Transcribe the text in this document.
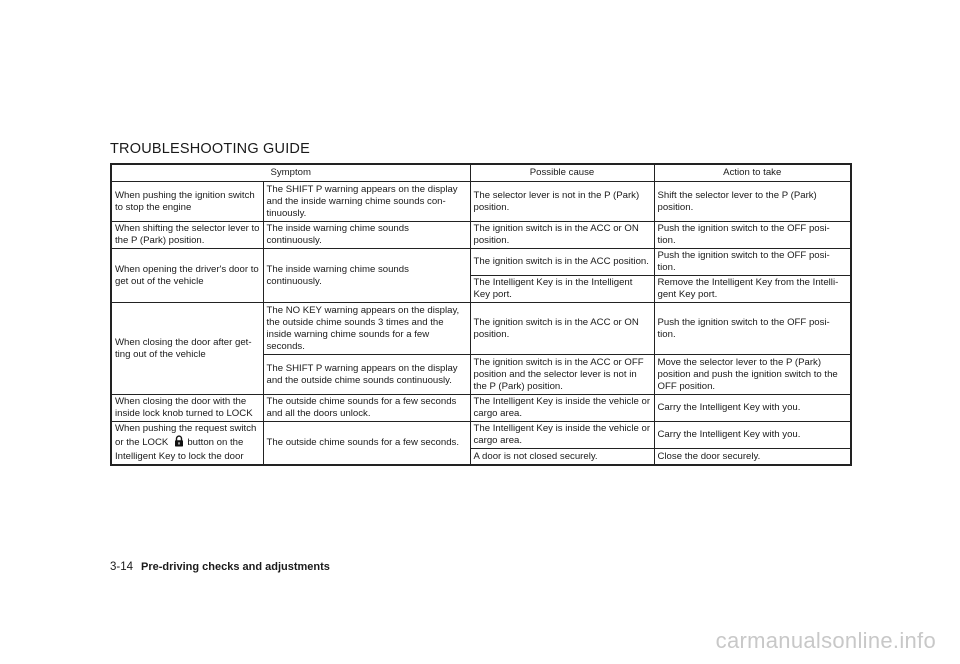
TROUBLESHOOTING GUIDE
Symptom		Possible cause	Action to take
When pushing the ignition switch to stop the engine	The SHIFT P warning appears on the display and the inside warning chime sounds con-tinuously.	The selector lever is not in the P (Park) position.	Shift the selector lever to the P (Park) position.
When shifting the selector lever to the P (Park) position.	The inside warning chime sounds continuously.	The ignition switch is in the ACC or ON position.	Push the ignition switch to the OFF posi-tion.
When opening the driver's door to get out of the vehicle	The inside warning chime sounds continuously.	The ignition switch is in the ACC position.	Push the ignition switch to the OFF posi-tion.
		The Intelligent Key is in the Intelligent Key port.	Remove the Intelligent Key from the Intelli-gent Key port.
When closing the door after get-ting out of the vehicle	The NO KEY warning appears on the display, the outside chime sounds 3 times and the inside warning chime sounds for a few seconds.	The ignition switch is in the ACC or ON position.	Push the ignition switch to the OFF posi-tion.
	The SHIFT P warning appears on the display and the outside chime sounds continuously.	The ignition switch is in the ACC or OFF position and the selector lever is not in the P (Park) position.	Move the selector lever to the P (Park) position and push the ignition switch to the OFF position.
When closing the door with the inside lock knob turned to LOCK	The outside chime sounds for a few seconds and all the doors unlock.	The Intelligent Key is inside the vehicle or cargo area.	Carry the Intelligent Key with you.
When pushing the request switch or the LOCK button on the Intelligent Key to lock the door	The outside chime sounds for a few seconds.	The Intelligent Key is inside the vehicle or cargo area.	Carry the Intelligent Key with you.
		A door is not closed securely.	Close the door securely.
3-14 Pre-driving checks and adjustments
carmanualsonline.info
